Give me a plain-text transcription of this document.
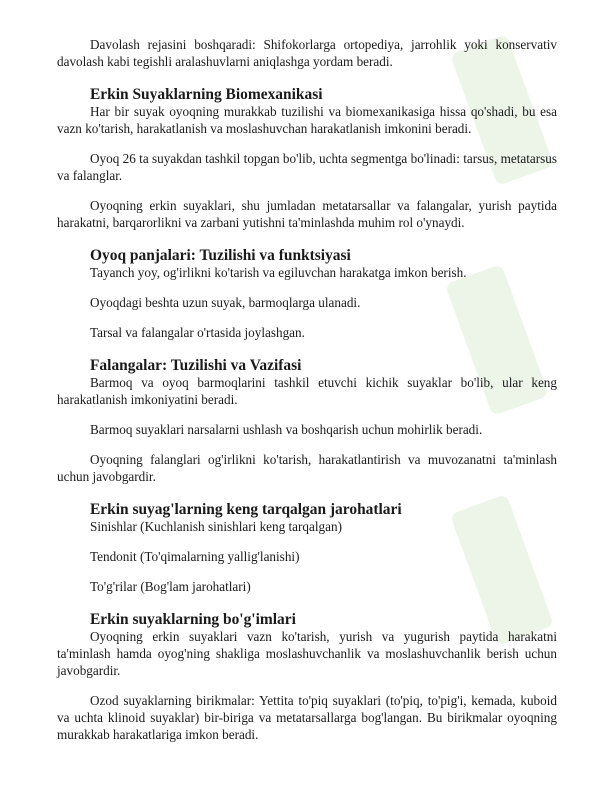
Davolash rejasini boshqaradi: Shifokorlarga ortopediya, jarrohlik yoki konservativ davolash kabi tegishli aralashuvlarni aniqlashga yordam beradi.

Erkin Suyaklarning Biomexanikasi

Har bir suyak oyoqning murakkab tuzilishi va biomexanikasiga hissa qo'shadi, bu esa vazn ko'tarish, harakatlanish va moslashuvchan harakatlanish imkonini beradi.

Oyoq 26 ta suyakdan tashkil topgan bo'lib, uchta segmentga bo'linadi: tarsus, metatarsus va falanglar.

Oyoqning erkin suyaklari, shu jumladan metatarsallar va falangalar, yurish paytida harakatni, barqarorlikni va zarbani yutishni ta'minlashda muhim rol o'ynaydi.

Oyoq panjalari: Tuzilishi va funktsiyasi

Tayanch yoy, og'irlikni ko'tarish va egiluvchan harakatga imkon berish.

Oyoqdagi beshta uzun suyak, barmoqlarga ulanadi.

Tarsal va falangalar o'rtasida joylashgan.

Falangalar: Tuzilishi va Vazifasi

Barmoq va oyoq barmoqlarini tashkil etuvchi kichik suyaklar bo'lib, ular keng harakatlanish imkoniyatini beradi.

Barmoq suyaklari narsalarni ushlash va boshqarish uchun mohirlik beradi.

Oyoqning falanglari og'irlikni ko'tarish, harakatlantirish va muvozanatni ta'minlash uchun javobgardir.

Erkin suyag'larning keng tarqalgan jarohatlari

Sinishlar (Kuchlanish sinishlari keng tarqalgan)

Tendonit (To'qimalarning yallig'lanishi)

To'g'rilar (Bog'lam jarohatlari)

Erkin suyaklarning bo'g'imlari

Oyoqning erkin suyaklari vazn ko'tarish, yurish va yugurish paytida harakatni ta'minlash hamda oyog'ning shakliga moslashuvchanlik va moslashuvchanlik berish uchun javobgardir.

Ozod suyaklarning birikmalar: Yettita to'piq suyaklari (to'piq, to'pig'i, kemada, kuboid va uchta klinoid suyaklar) bir-biriga va metatarsallarga bog'langan. Bu birikmalar oyoqning murakkab harakatlariga imkon beradi.
